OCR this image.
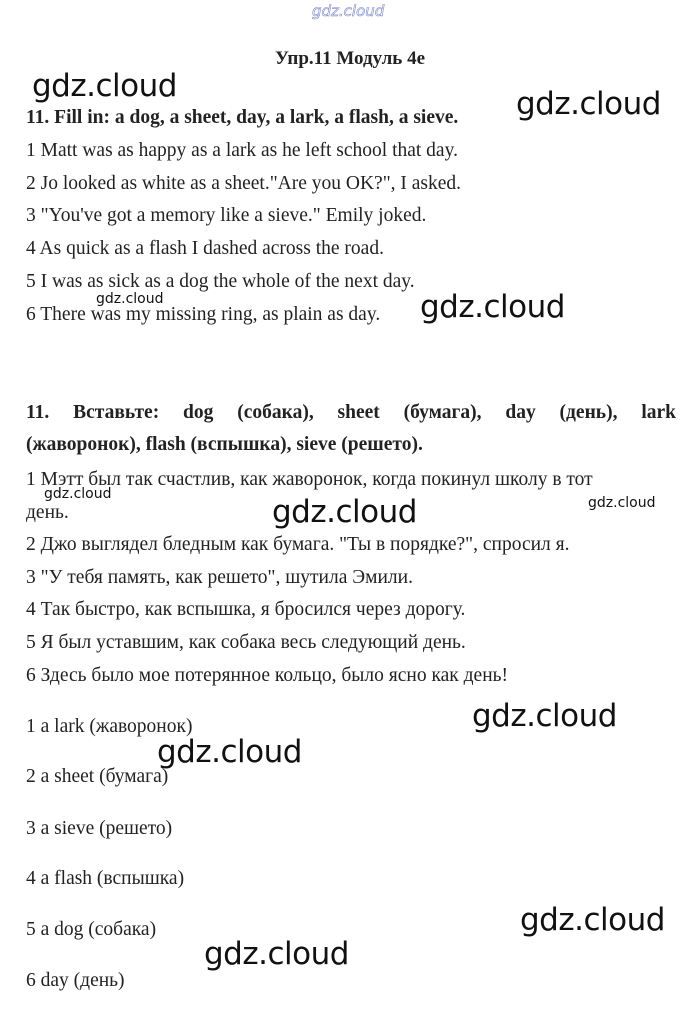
gdz.cloud
Упр.11 Модуль 4е
11. Fill in: a dog, a sheet, day, a lark, a flash, a sieve.
1 Matt was as happy as a lark as he left school that day.
2 Jo looked as white as a sheet."Are you OK?", I asked.
3 "You've got a memory like a sieve." Emily joked.
4 As quick as a flash I dashed across the road.
5 I was as sick as a dog the whole of the next day.
6 There was my missing ring, as plain as day.
11. Вставьте: dog (собака), sheet (бумага), day (день), lark
(жаворонок), flash (вспышка), sieve (решето).
1 Мэтт был так счастлив, как жаворонок, когда покинул школу в тот
день.
2 Джо выглядел бледным как бумага. "Ты в порядке?", спросил я.
3 "У тебя память, как решето", шутила Эмили.
4 Так быстро, как вспышка, я бросился через дорогу.
5 Я был уставшим, как собака весь следующий день.
6 Здесь было мое потерянное кольцо, было ясно как день!
1 a lark (жаворонок)
2 a sheet (бумага)
3 a sieve (решето)
4 a flash (вспышка)
5 a dog (собака)
6 day (день)
gdz.cloud	gdz.cloud
gdz.cloud	gdz.cloud
gdz.cloud	gdz.cloud	gdz.cloud
gdz.cloud
gdz.cloud
gdz.cloud
gdz.cloud
